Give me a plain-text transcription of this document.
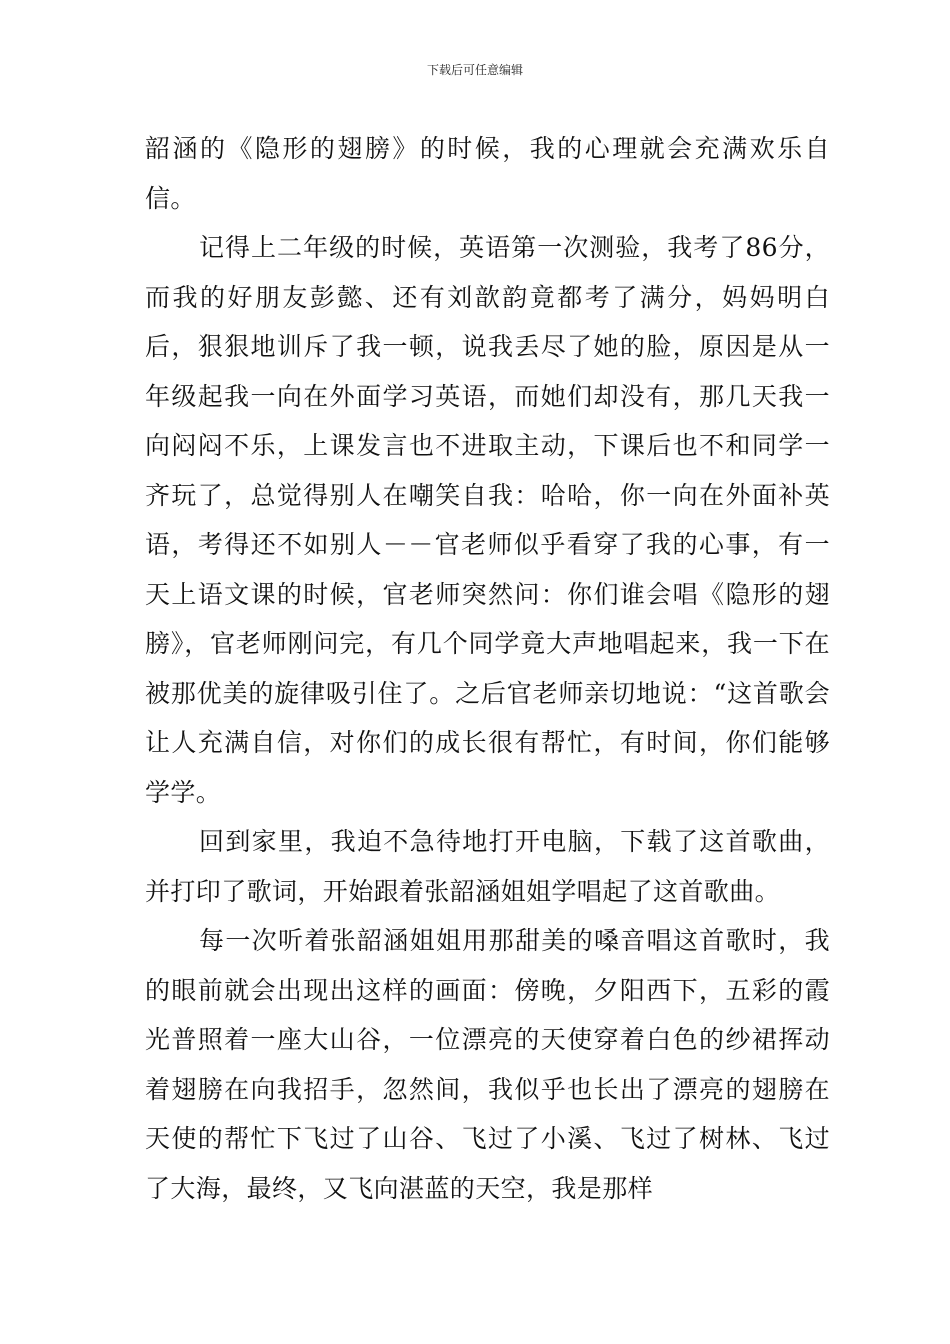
下载后可任意编辑

韶涵的《隐形的翅膀》的时候，我的心理就会充满欢乐自信。

记得上二年级的时候，英语第一次测验，我考了86分，而我的好朋友彭懿、还有刘歆韵竟都考了满分，妈妈明白后，狠狠地训斥了我一顿，说我丢尽了她的脸，原因是从一年级起我一向在外面学习英语，而她们却没有，那几天我一向闷闷不乐，上课发言也不进取主动，下课后也不和同学一齐玩了，总觉得别人在嘲笑自我：哈哈，你一向在外面补英语，考得还不如别人－－官老师似乎看穿了我的心事，有一天上语文课的时候，官老师突然问：你们谁会唱《隐形的翅膀》，官老师刚问完，有几个同学竟大声地唱起来，我一下在被那优美的旋律吸引住了。之后官老师亲切地说：“这首歌会让人充满自信，对你们的成长很有帮忙，有时间，你们能够学学。

回到家里，我迫不急待地打开电脑，下载了这首歌曲，并打印了歌词，开始跟着张韶涵姐姐学唱起了这首歌曲。

每一次听着张韶涵姐姐用那甜美的嗓音唱这首歌时，我的眼前就会出现出这样的画面：傍晚，夕阳西下，五彩的霞光普照着一座大山谷，一位漂亮的天使穿着白色的纱裙挥动着翅膀在向我招手，忽然间，我似乎也长出了漂亮的翅膀在天使的帮忙下飞过了山谷、飞过了小溪、飞过了树林、飞过了大海，最终，又飞向湛蓝的天空，我是那样
